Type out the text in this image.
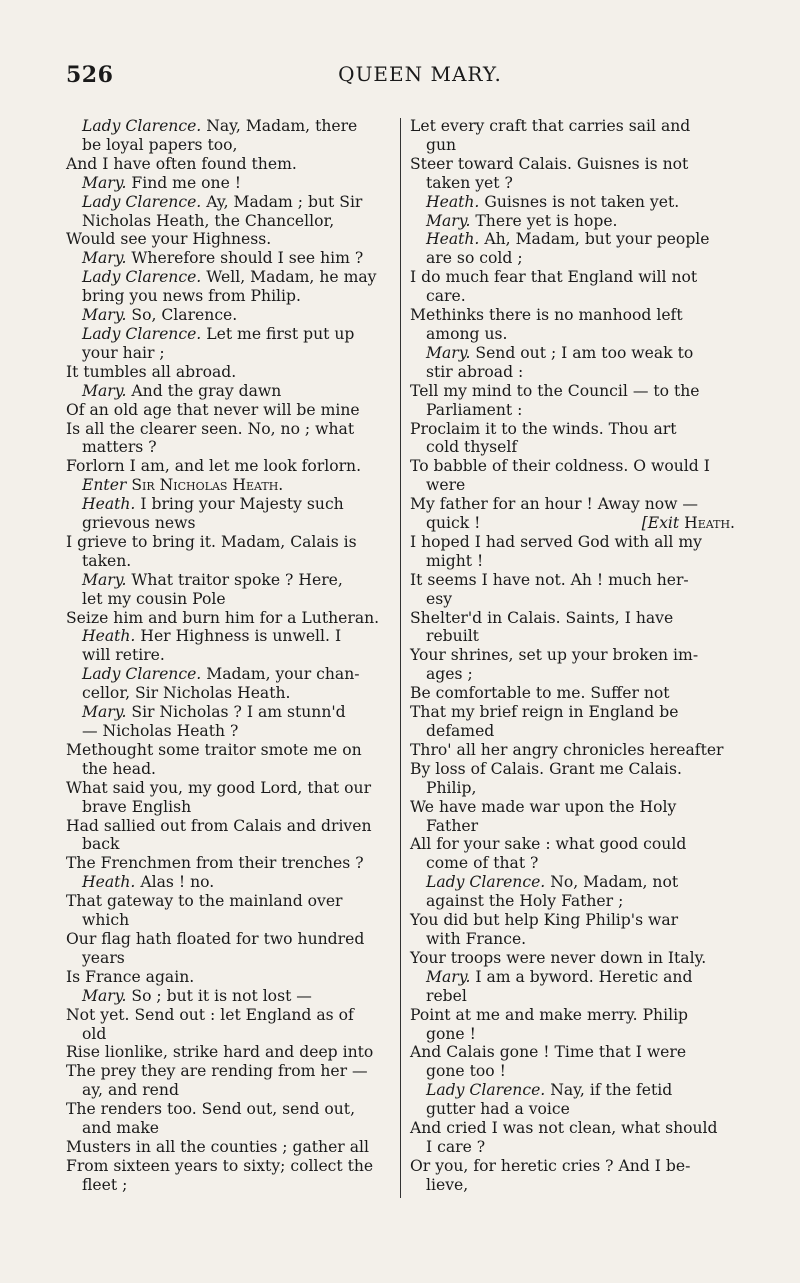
526	QUEEN MARY.
Lady Clarence. Nay, Madam, there
be loyal papers too,
And I have often found them.
Mary. Find me one !
Lady Clarence. Ay, Madam ; but Sir
Nicholas Heath, the Chancellor,
Would see your Highness.
Mary. Wherefore should I see him ?
Lady Clarence. Well, Madam, he may
bring you news from Philip.
Mary. So, Clarence.
Lady Clarence. Let me first put up
your hair ;
It tumbles all abroad.
Mary. And the gray dawn
Of an old age that never will be mine
Is all the clearer seen. No, no ; what
matters ?
Forlorn I am, and let me look forlorn.
Enter Sir Nicholas Heath.
Heath. I bring your Majesty such
grievous news
I grieve to bring it. Madam, Calais is
taken.
Mary. What traitor spoke ? Here,
let my cousin Pole
Seize him and burn him for a Lutheran.
Heath. Her Highness is unwell. I
will retire.
Lady Clarence. Madam, your chan-
cellor, Sir Nicholas Heath.
Mary. Sir Nicholas ? I am stunn'd
— Nicholas Heath ?
Methought some traitor smote me on
the head.
What said you, my good Lord, that our
brave English
Had sallied out from Calais and driven
back
The Frenchmen from their trenches ?
Heath. Alas ! no.
That gateway to the mainland over
which
Our flag hath floated for two hundred
years
Is France again.
Mary. So ; but it is not lost —
Not yet. Send out : let England as of
old
Rise lionlike, strike hard and deep into
The prey they are rending from her —
ay, and rend
The renders too. Send out, send out,
and make
Musters in all the counties ; gather all
From sixteen years to sixty; collect the
fleet ;
Let every craft that carries sail and
gun
Steer toward Calais. Guisnes is not
taken yet ?
Heath. Guisnes is not taken yet.
Mary. There yet is hope.
Heath. Ah, Madam, but your people
are so cold ;
I do much fear that England will not
care.
Methinks there is no manhood left
among us.
Mary. Send out ; I am too weak to
stir abroad :
Tell my mind to the Council — to the
Parliament :
Proclaim it to the winds. Thou art
cold thyself
To babble of their coldness. O would I
were
My father for an hour ! Away now —
quick !	[Exit Heath.
I hoped I had served God with all my
might !
It seems I have not. Ah ! much her-
esy
Shelter'd in Calais. Saints, I have
rebuilt
Your shrines, set up your broken im-
ages ;
Be comfortable to me. Suffer not
That my brief reign in England be
defamed
Thro' all her angry chronicles hereafter
By loss of Calais. Grant me Calais.
Philip,
We have made war upon the Holy
Father
All for your sake : what good could
come of that ?
Lady Clarence. No, Madam, not
against the Holy Father ;
You did but help King Philip's war
with France.
Your troops were never down in Italy.
Mary. I am a byword. Heretic and
rebel
Point at me and make merry. Philip
gone !
And Calais gone ! Time that I were
gone too !
Lady Clarence. Nay, if the fetid
gutter had a voice
And cried I was not clean, what should
I care ?
Or you, for heretic cries ? And I be-
lieve,
